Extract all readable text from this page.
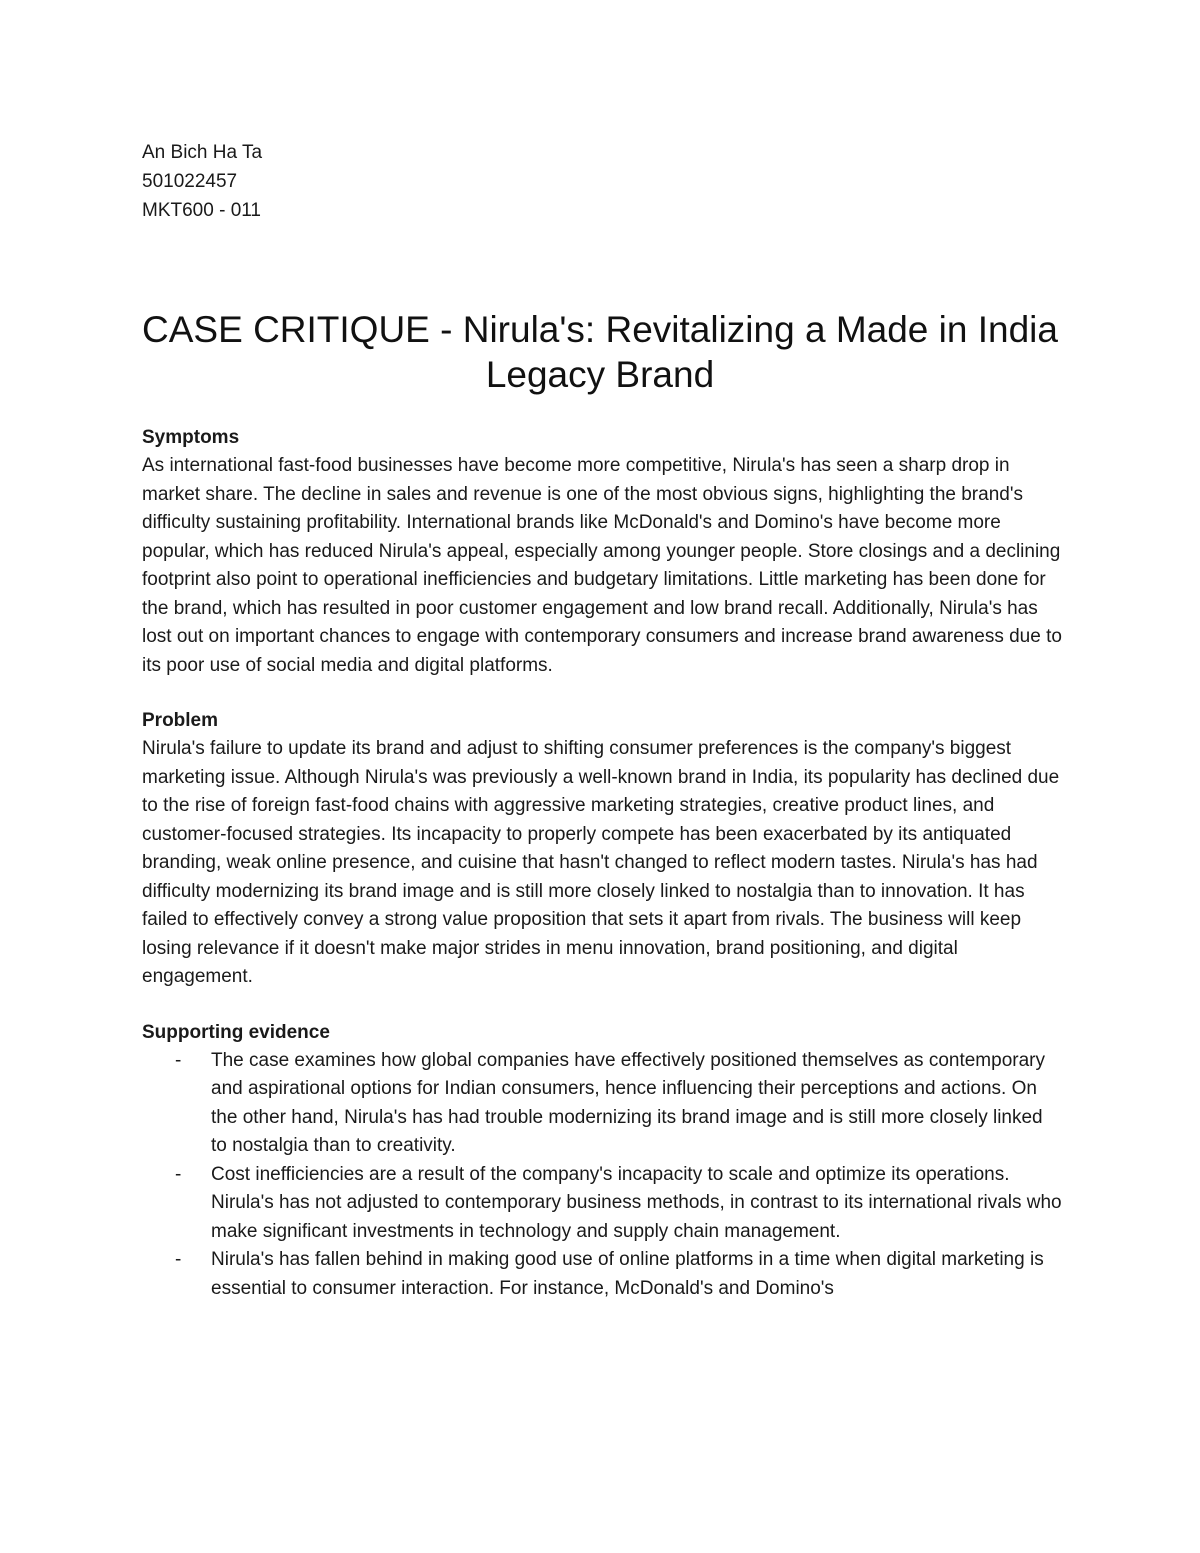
An Bich Ha Ta

501022457

MKT600 - 011

CASE CRITIQUE - Nirula's: Revitalizing a Made in India Legacy Brand

Symptoms

As international fast-food businesses have become more competitive, Nirula's has seen a sharp drop in market share. The decline in sales and revenue is one of the most obvious signs, highlighting the brand's difficulty sustaining profitability. International brands like McDonald's and Domino's have become more popular, which has reduced Nirula's appeal, especially among younger people. Store closings and a declining footprint also point to operational inefficiencies and budgetary limitations. Little marketing has been done for the brand, which has resulted in poor customer engagement and low brand recall. Additionally, Nirula's has lost out on important chances to engage with contemporary consumers and increase brand awareness due to its poor use of social media and digital platforms.

Problem

Nirula's failure to update its brand and adjust to shifting consumer preferences is the company's biggest marketing issue. Although Nirula's was previously a well-known brand in India, its popularity has declined due to the rise of foreign fast-food chains with aggressive marketing strategies, creative product lines, and customer-focused strategies. Its incapacity to properly compete has been exacerbated by its antiquated branding, weak online presence, and cuisine that hasn't changed to reflect modern tastes. Nirula's has had difficulty modernizing its brand image and is still more closely linked to nostalgia than to innovation. It has failed to effectively convey a strong value proposition that sets it apart from rivals. The business will keep losing relevance if it doesn't make major strides in menu innovation, brand positioning, and digital engagement.

Supporting evidence

- The case examines how global companies have effectively positioned themselves as contemporary and aspirational options for Indian consumers, hence influencing their perceptions and actions. On the other hand, Nirula's has had trouble modernizing its brand image and is still more closely linked to nostalgia than to creativity.
- Cost inefficiencies are a result of the company's incapacity to scale and optimize its operations. Nirula's has not adjusted to contemporary business methods, in contrast to its international rivals who make significant investments in technology and supply chain management.
- Nirula's has fallen behind in making good use of online platforms in a time when digital marketing is essential to consumer interaction. For instance, McDonald's and Domino's
